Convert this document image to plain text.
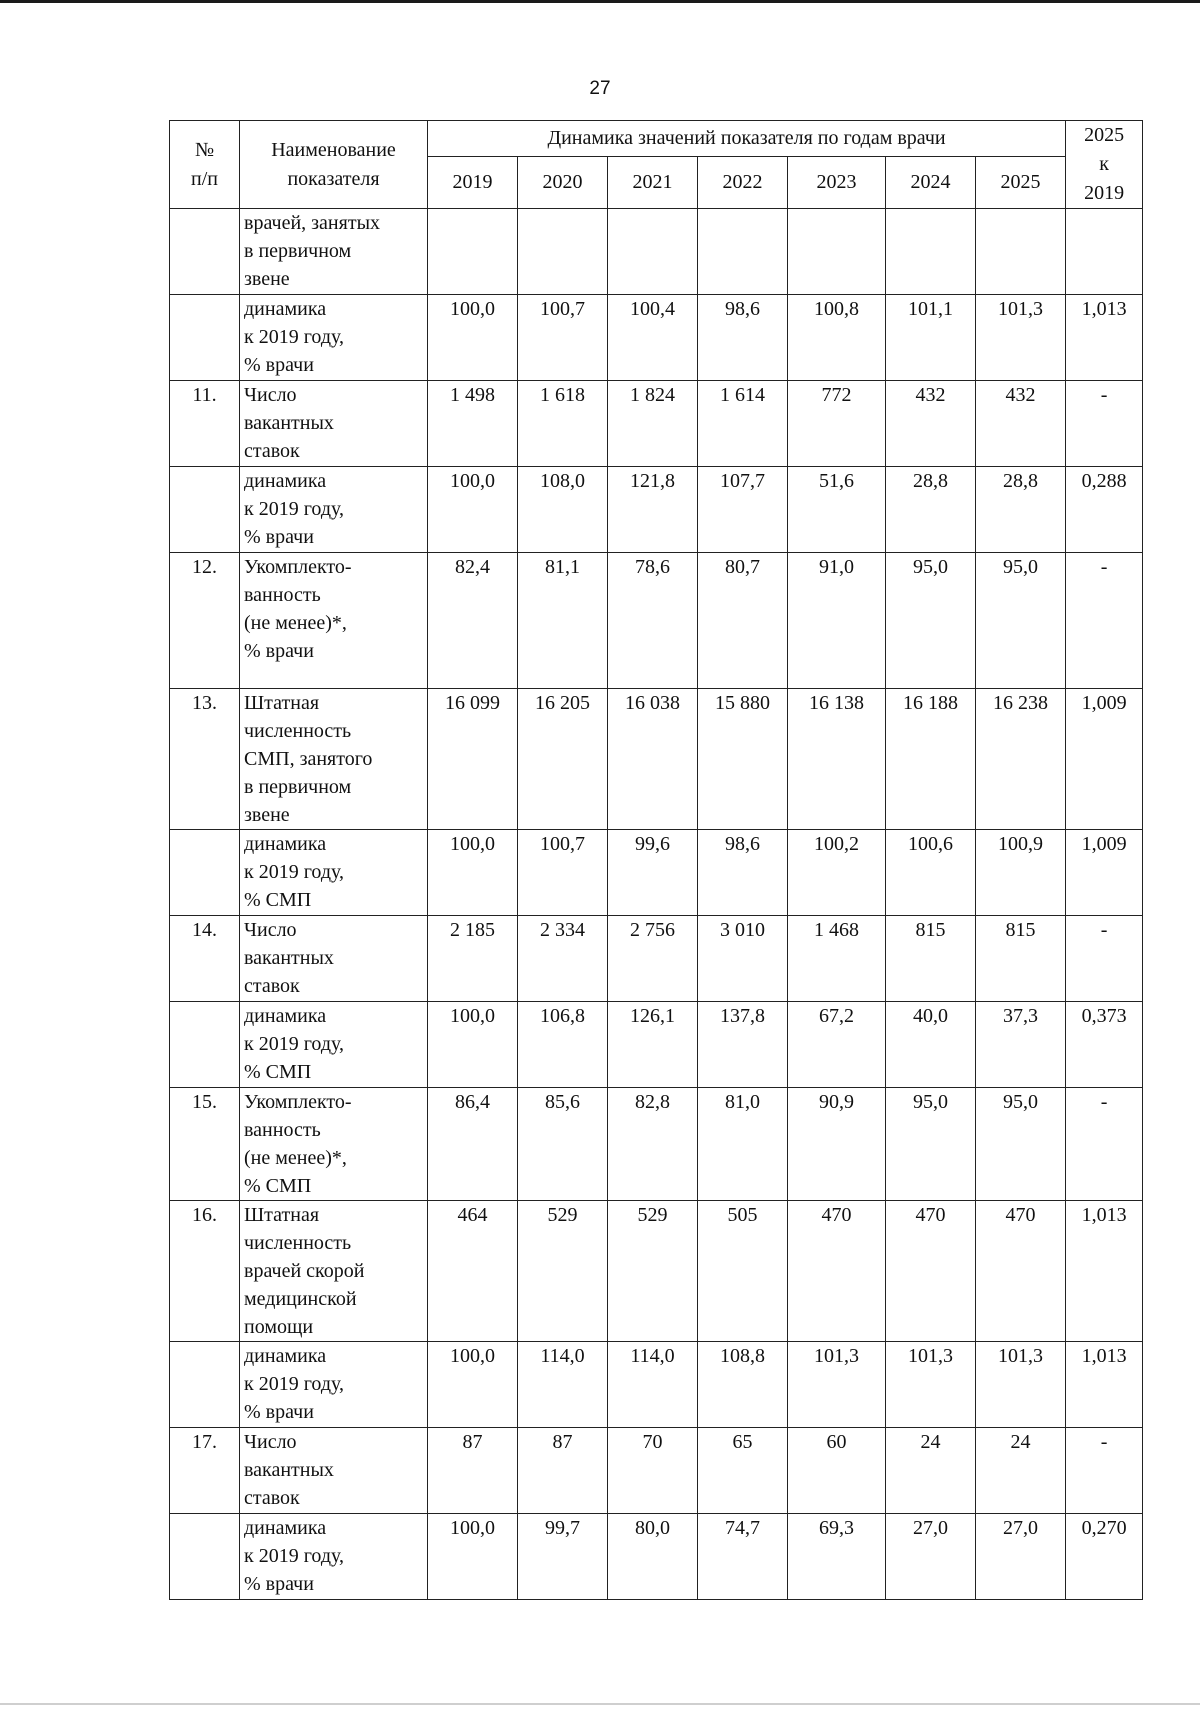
27
№
п/п	Наименование
показателя	Динамика значений показателя по годам врачи							2025
к
2019

		2019	2020	2021	2022	2023	2024	2025	

	врачей, занятых
в первичном
звене								

	динамика
к 2019 году,
% врачи	100,0	100,7	100,4	98,6	100,8	101,1	101,3	1,013
11.	Число
вакантных
ставок	1 498	1 618	1 824	1 614	772	432	432	-

	динамика
к 2019 году,
% врачи	100,0	108,0	121,8	107,7	51,6	28,8	28,8	0,288
12.	Укомплекто-
ванность
(не менее)*,
% врачи	82,4	81,1	78,6	80,7	91,0	95,0	95,0	-
13.	Штатная
численность
СМП, занятого
в первичном
звене	16 099	16 205	16 038	15 880	16 138	16 188	16 238	1,009

	динамика
к 2019 году,
% СМП	100,0	100,7	99,6	98,6	100,2	100,6	100,9	1,009
14.	Число
вакантных
ставок	2 185	2 334	2 756	3 010	1 468	815	815	-

	динамика
к 2019 году,
% СМП	100,0	106,8	126,1	137,8	67,2	40,0	37,3	0,373
15.	Укомплекто-
ванность
(не менее)*,
% СМП	86,4	85,6	82,8	81,0	90,9	95,0	95,0	-
16.	Штатная
численность
врачей скорой
медицинской
помощи	464	529	529	505	470	470	470	1,013

	динамика
к 2019 году,
% врачи	100,0	114,0	114,0	108,8	101,3	101,3	101,3	1,013
17.	Число
вакантных
ставок	87	87	70	65	60	24	24	-

	динамика
к 2019 году,
% врачи	100,0	99,7	80,0	74,7	69,3	27,0	27,0	0,270
